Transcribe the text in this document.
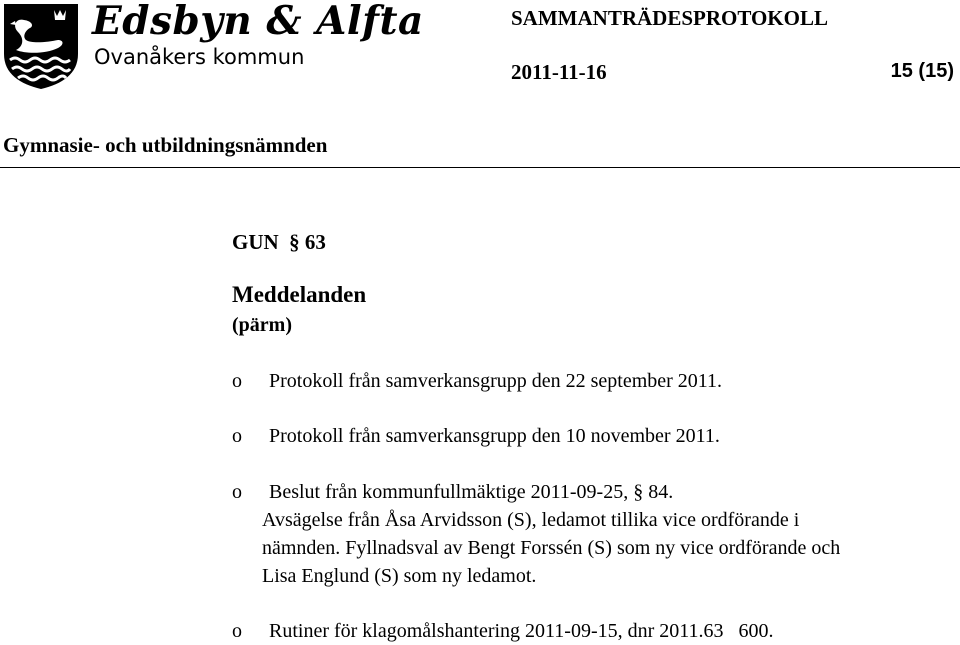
Edsbyn & Alfta
Ovanåkers kommun
SAMMANTRÄDESPROTOKOLL
2011-11-16	15 (15)
Gymnasie- och utbildningsnämnden
GUN  § 63
Meddelanden
(pärm)
o Protokoll från samverkansgrupp den 22 september 2011.
o Protokoll från samverkansgrupp den 10 november 2011.
o Beslut från kommunfullmäktige 2011-09-25, § 84.
Avsägelse från Åsa Arvidsson (S), ledamot tillika vice ordförande i
nämnden. Fyllnadsval av Bengt Forssén (S) som ny vice ordförande och
Lisa Englund (S) som ny ledamot.
o Rutiner för klagomålshantering 2011-09-15, dnr 2011.63   600.
